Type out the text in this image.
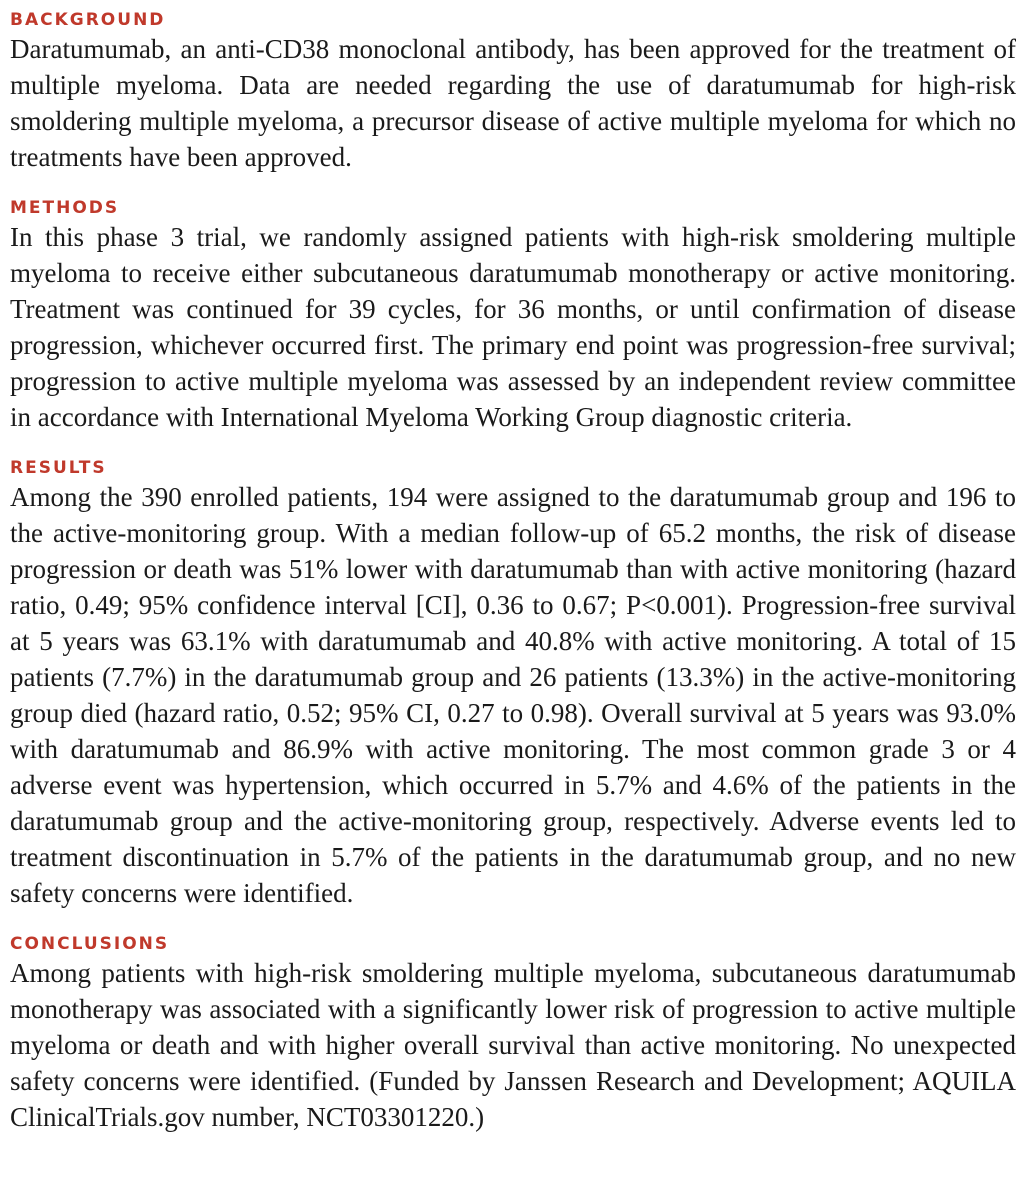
BACKGROUND

Daratumumab, an anti-CD38 monoclonal antibody, has been approved for the treatment of multiple myeloma. Data are needed regarding the use of daratumumab for high-risk smoldering multiple myeloma, a precursor disease of active multiple myeloma for which no treatments have been approved.

METHODS

In this phase 3 trial, we randomly assigned patients with high-risk smoldering multiple myeloma to receive either subcutaneous daratumumab monotherapy or active monitoring. Treatment was continued for 39 cycles, for 36 months, or until confirmation of disease progression, whichever occurred first. The primary end point was progression-free survival; progression to active multiple myeloma was assessed by an independent review committee in accordance with International Myeloma Working Group diagnostic criteria.

RESULTS

Among the 390 enrolled patients, 194 were assigned to the daratumumab group and 196 to the active-monitoring group. With a median follow-up of 65.2 months, the risk of disease progression or death was 51% lower with daratumumab than with active monitoring (hazard ratio, 0.49; 95% confidence interval [CI], 0.36 to 0.67; P<0.001). Progression-free survival at 5 years was 63.1% with daratumumab and 40.8% with active monitoring. A total of 15 patients (7.7%) in the daratumumab group and 26 patients (13.3%) in the active-monitoring group died (hazard ratio, 0.52; 95% CI, 0.27 to 0.98). Overall survival at 5 years was 93.0% with daratumumab and 86.9% with active monitoring. The most common grade 3 or 4 adverse event was hypertension, which occurred in 5.7% and 4.6% of the patients in the daratumumab group and the active-monitoring group, respectively. Adverse events led to treatment discontinuation in 5.7% of the patients in the daratumumab group, and no new safety concerns were identified.

CONCLUSIONS

Among patients with high-risk smoldering multiple myeloma, subcutaneous daratumumab monotherapy was associated with a significantly lower risk of progression to active multiple myeloma or death and with higher overall survival than active monitoring. No unexpected safety concerns were identified. (Funded by Janssen Research and Development; AQUILA ClinicalTrials.gov number, NCT03301220.)
